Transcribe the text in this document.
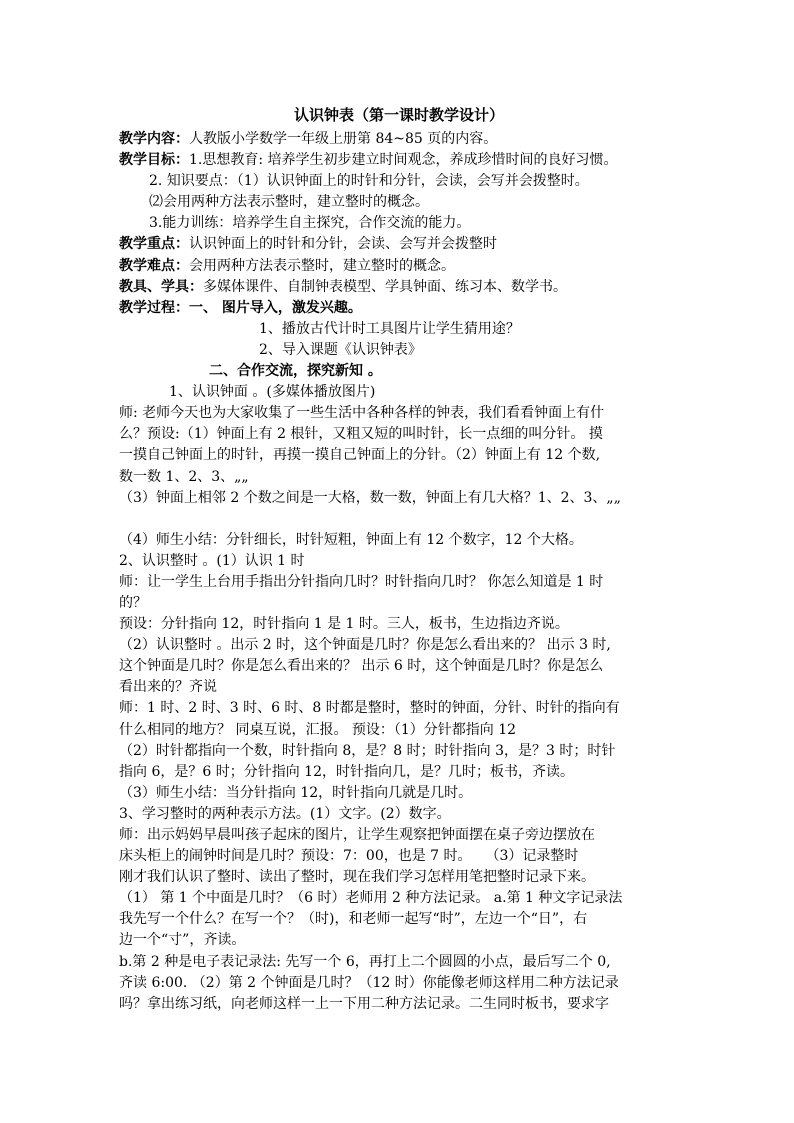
认识钟表（第一课时教学设计）
教学内容：人教版小学数学一年级上册第 84~85 页的内容。
教学目标：1.思想教育: 培养学生初步建立时间观念，养成珍惜时间的良好习惯。
2. 知识要点：（1）认识钟面上的时针和分针，会读，会写并会拨整时。
⑵会用两种方法表示整时，建立整时的概念。
3.能力训练：培养学生自主探究，合作交流的能力。
教学重点：认识钟面上的时针和分针，会读、会写并会拨整时
教学难点：会用两种方法表示整时，建立整时的概念。
教具、学具：多媒体课件、自制钟表模型、学具钟面、练习本、数学书。
教学过程：一、 图片导入，激发兴趣。
1、播放古代计时工具图片让学生猜用途？
2、导入课题《认识钟表》
二、合作交流，探究新知 。
1、认识钟面 。(多媒体播放图片)
师: 老师今天也为大家收集了一些生活中各种各样的钟表，我们看看钟面上有什
么？预设:（1）钟面上有 2 根针，又粗又短的叫时针，长一点细的叫分针。 摸
一摸自己钟面上的时针，再摸一摸自己钟面上的分针。（2）钟面上有 12 个数,
数一数 1、2、3、„„
（3）钟面上相邻 2 个数之间是一大格，数一数，钟面上有几大格？1、2、3、„„
（4）师生小结：分针细长，时针短粗，钟面上有 12 个数字，12 个大格。
2、认识整时 。(1）认识 1 时
师：让一学生上台用手指出分针指向几时？时针指向几时？ 你怎么知道是 1 时
的？
预设：分针指向 12，时针指向 1 是 1 时。三人，板书，生边指边齐说。
（2）认识整时 。出示 2 时，这个钟面是几时？你是怎么看出来的？ 出示 3 时,
这个钟面是几时？你是怎么看出来的？ 出示 6 时，这个钟面是几时？你是怎么
看出来的？齐说
师：1 时、2 时、3 时、6 时、8 时都是整时，整时的钟面，分针、时针的指向有
什么相同的地方？ 同桌互说，汇报。 预设：（1）分针都指向 12
（2）时针都指向一个数，时针指向 8，是？8 时；时针指向 3，是？3 时；时针
指向 6，是？6 时；分针指向 12，时针指向几，是？几时；板书，齐读。
（3）师生小结：当分针指向 12，时针指向几就是几时。
3、学习整时的两种表示方法。(1）文字。(2）数字。
师：出示妈妈早晨叫孩子起床的图片，让学生观察把钟面摆在桌子旁边摆放在
床头柜上的闹钟时间是几时？预设：7：00，也是 7 时。　　（3）记录整时
刚才我们认识了整时、读出了整时，现在我们学习怎样用笔把整时记录下来。
（1） 第 1 个中面是几时？（6 时）老师用 2 种方法记录。 a.第 1 种文字记录法
我先写一个什么？在写一个？（时)，和老师一起写“时”，左边一个“日”，右
边一个“寸”，齐读。
b.第 2 种是电子表记录法: 先写一个 6，再打上二个圆圆的小点，最后写二个 0,
齐读 6:00. （2）第 2 个钟面是几时？（12 时）你能像老师这样用二种方法记录
吗？拿出练习纸，向老师这样一上一下用二种方法记录。二生同时板书，要求字
